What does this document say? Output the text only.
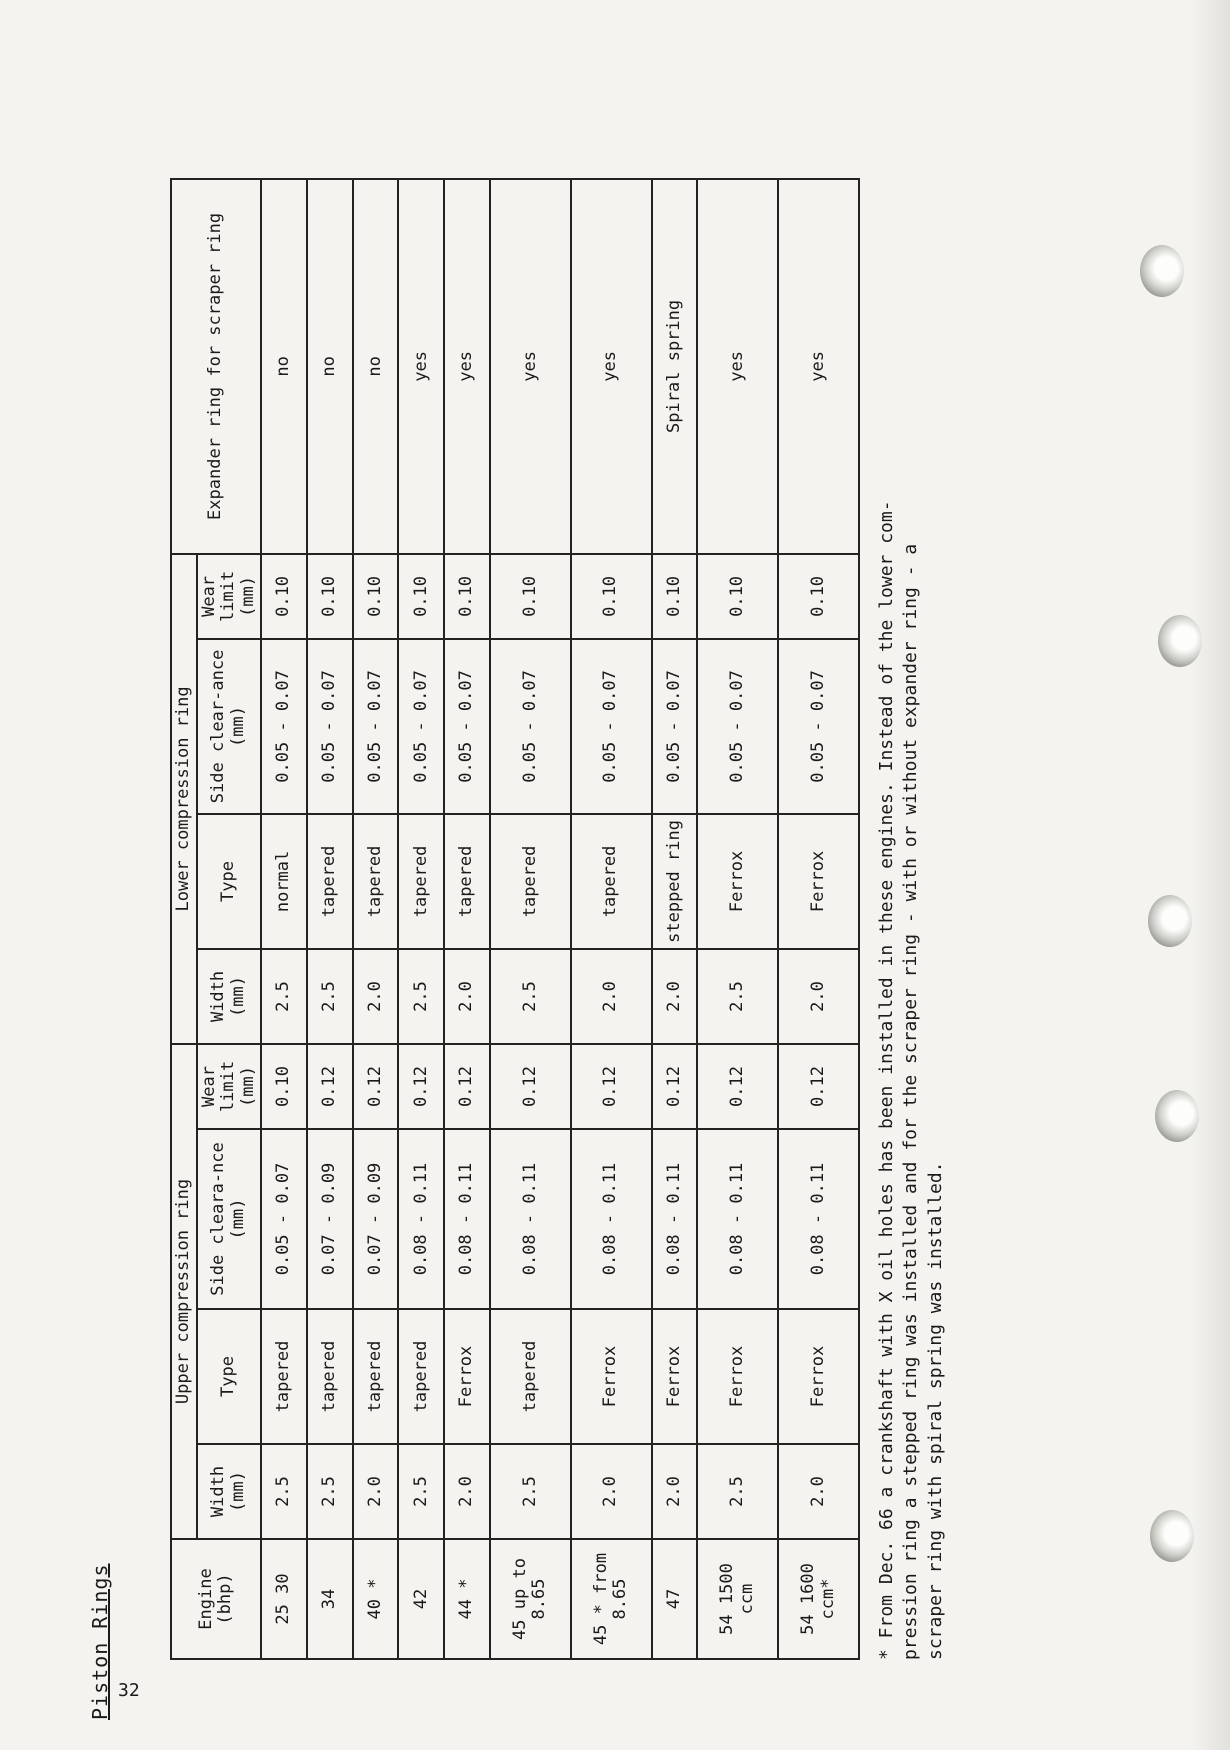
32
Piston Rings	Engine (bhp)	Upper compression ring				Lower compression ring				Expander ring for scraper ring
	Width (mm)	Type	Side cleara-nce (mm)	Wear limit (mm)	Width (mm)	Type	Side clear-ance (mm)	Wear limit (mm)	
25 30	2.5	tapered	0.05 - 0.07	0.10	2.5	normal	0.05 - 0.07	0.10	no
34	2.5	tapered	0.07 - 0.09	0.12	2.5	tapered	0.05 - 0.07	0.10	no
40 *	2.0	tapered	0.07 - 0.09	0.12	2.0	tapered	0.05 - 0.07	0.10	no
42	2.5	tapered	0.08 - 0.11	0.12	2.5	tapered	0.05 - 0.07	0.10	yes
44 *	2.0	Ferrox	0.08 - 0.11	0.12	2.0	tapered	0.05 - 0.07	0.10	yes
45 up to 8.65	2.5	tapered	0.08 - 0.11	0.12	2.5	tapered	0.05 - 0.07	0.10	yes
45 * from 8.65	2.0	Ferrox	0.08 - 0.11	0.12	2.0	tapered	0.05 - 0.07	0.10	yes
47	2.0	Ferrox	0.08 - 0.11	0.12	2.0	stepped ring	0.05 - 0.07	0.10	Spiral spring
54 1500 ccm	2.5	Ferrox	0.08 - 0.11	0.12	2.5	Ferrox	0.05 - 0.07	0.10	yes
54 1600 ccm*	2.0	Ferrox	0.08 - 0.11	0.12	2.0	Ferrox	0.05 - 0.07	0.10	yes
* From Dec. 66 a crankshaft with X oil holes has been installed in these engines. Instead of the lower com-
pression ring a stepped ring was installed and for the scraper ring - with or without expander ring - a
scraper ring with spiral spring was installed.
